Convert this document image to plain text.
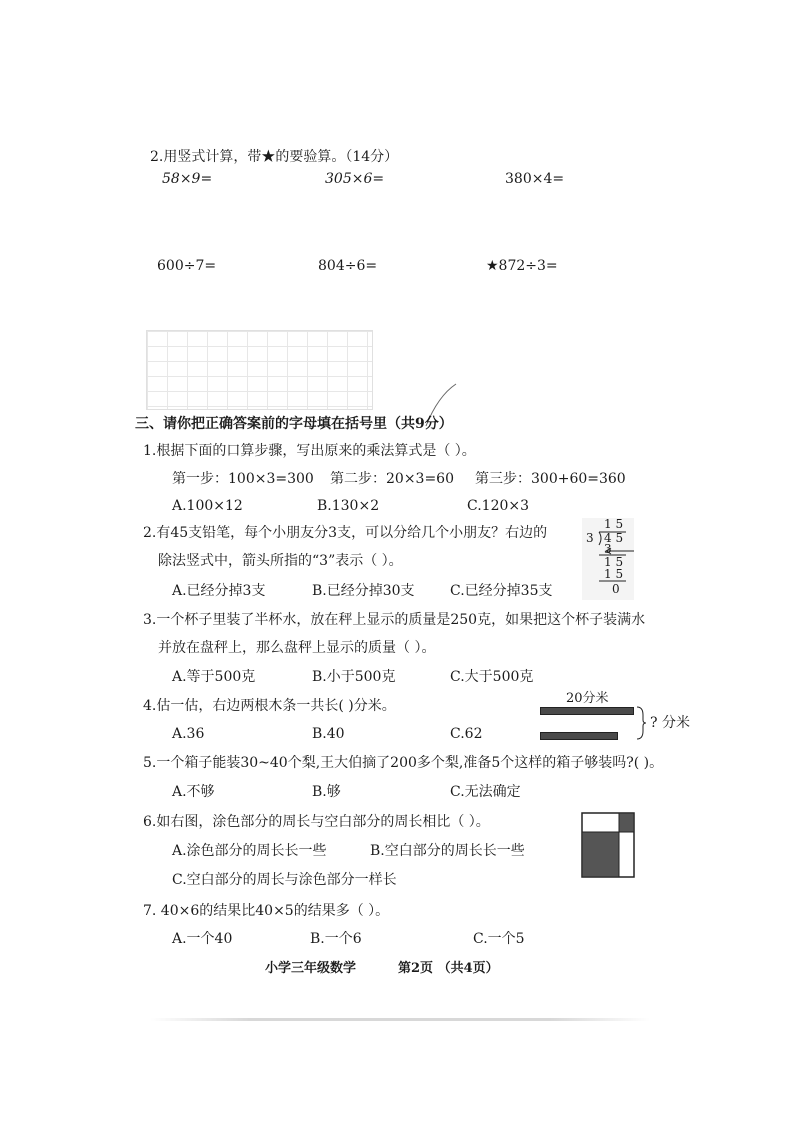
2.用竖式计算，带★的要验算。（14分）
58×9=	305×6=	380×4=
600÷7=	804÷6=	★872÷3=
三、请你把正确答案前的字母填在括号里（共9分）
1.根据下面的口算步骤，写出原来的乘法算式是（ ）。
第一步：100×3=300 第二步：20×3=60 第三步：300+60=360
A.100×12	B.130×2	C.120×3
2.有45支铅笔，每个小朋友分3支，可以分给几个小朋友？右边的
除法竖式中，箭头所指的“3”表示（ ）。
A.已经分掉3支	B.已经分掉30支	C.已经分掉35支
1 5
3 4 5
3
1 5
1 5
0
3.一个杯子里装了半杯水，放在秤上显示的质量是250克，如果把这个杯子装满水
并放在盘秤上，那么盘秤上显示的质量（ ）。
A.等于500克	B.小于500克	C.大于500克
4.估一估，右边两根木条一共长( )分米。
A.36	B.40	C.62
20分米
? 分米
5.一个箱子能装30~40个梨,王大伯摘了200多个梨,准备5个这样的箱子够装吗?( )。
A.不够	B.够	C.无法确定
6.如右图，涂色部分的周长与空白部分的周长相比（ ）。
A.涂色部分的周长长一些	B.空白部分的周长长一些
C.空白部分的周长与涂色部分一样长
7. 40×6的结果比40×5的结果多（ ）。
A.一个40	B.一个6	C.一个5
小学三年级数学	第2页 （共4页）
